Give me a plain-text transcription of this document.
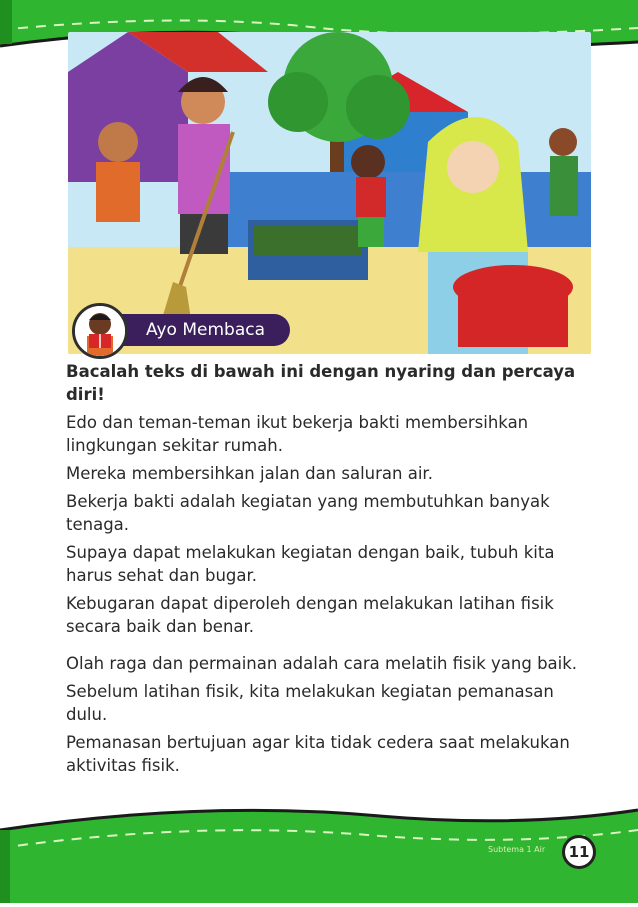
Ayo Membaca

Bacalah teks di bawah ini dengan nyaring dan percaya diri!

Edo dan teman-teman ikut bekerja bakti membersihkan lingkungan sekitar rumah.

Mereka membersihkan jalan dan saluran air.

Bekerja bakti adalah kegiatan yang membutuhkan banyak tenaga.

Supaya dapat melakukan kegiatan dengan baik, tubuh kita harus sehat dan bugar.

Kebugaran dapat diperoleh dengan melakukan latihan fisik secara baik dan benar.

Olah raga dan permainan adalah cara melatih fisik yang baik.

Sebelum latihan fisik, kita melakukan kegiatan pemanasan dulu.

Pemanasan bertujuan agar kita tidak cedera saat melakukan aktivitas fisik.

Subtema 1 Air	11
